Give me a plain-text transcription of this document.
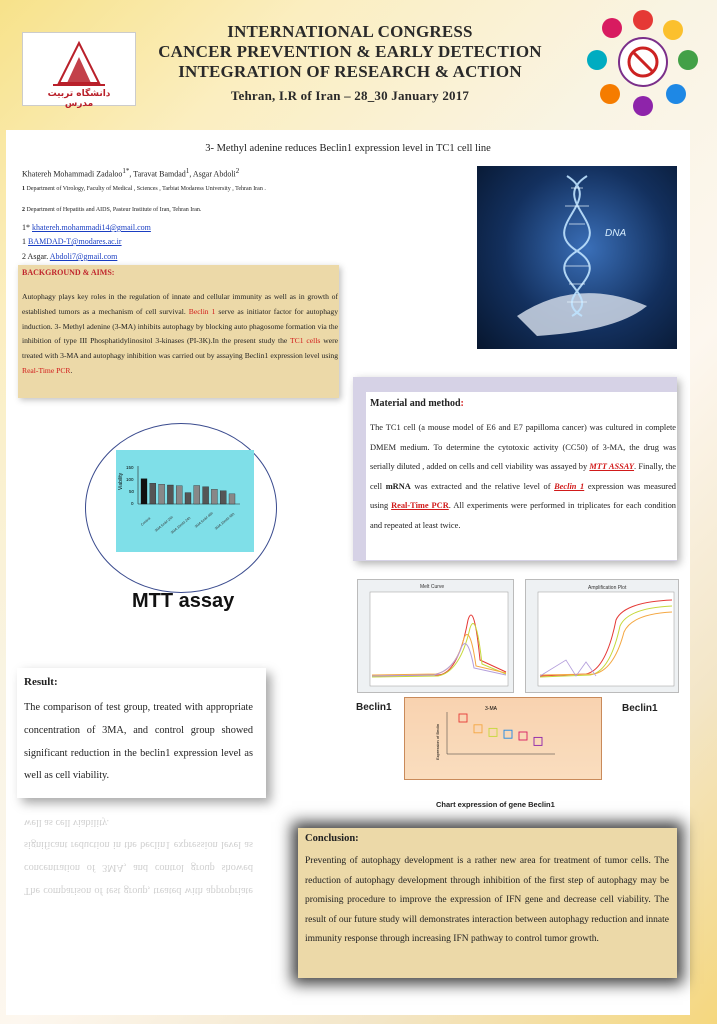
دانشگاه تربیت مدرس
INTERNATIONAL CONGRESS
CANCER PREVENTION & EARLY DETECTION
INTEGRATION OF RESEARCH & ACTION
Tehran, I.R of Iran – 28_30 January 2017
3- Methyl adenine reduces Beclin1 expression level in TC1 cell line
Khatereh Mohammadi Zadaloo$^{1*}$, Taravat Bamdad$^1$, Asgar Abdoli$^2$
1 Department of Virology, Faculty of Medical , Sciences , Tarbiat Modaress University , Tehran Iran .
2 Department of Hepatitis and AIDS, Pasteur Institute of Iran, Tehran Iran.
1* khatereh.mohammadi14@gmail.com
1 BAMDAD-T@modares.ac.ir
2 Asgar. Abdoli7@gmail.com
BACKGROUND & AIMS:
Autophagy plays key roles in the regulation of innate and cellular immunity as well as in growth of established tumors as a mechanism of cell survival. Beclin 1 serve as initiator factor for autophagy induction. 3- Methyl adenine (3-MA) inhibits autophagy by blocking auto phagosome formation via the inhibition of type III Phosphatidylinositol 3-kinases (PI-3K).In the present study the TC1 cells were treated with 3-MA and autophagy inhibition was carried out by assaying Beclin1 expression level using Real-Time PCR.
DNA
Material and method:
The TC1 cell (a mouse model of E6 and E7 papilloma cancer) was cultured in complete DMEM medium. To determine the cytotoxic activity (CC50) of 3-MA, the drug was serially diluted , added on cells and cell viability was assayed by MTT ASSAY. Finally, the cell mRNA was extracted and the relative level of Beclin 1 expression was measured using Real-Time PCR. All experiments were performed in triplicates for each condition and repeated at least twice.
Viability
150
100
50
0
Control 3MA 5mM 24h
3MA 10mM 24h 3MA 5mM 48h 3MA 10mM 48h
MTT assay
Melt Curve	Amplification Plot
Beclin1	Beclin1
3-MA
Expression of Beclin
Chart expression of gene Beclin1
Result:
The comparison of test group, treated with appropriate concentration of 3MA, and control group showed significant reduction in the beclin1 expression level as well as cell viability.
The comparison of test group, treated with appropriate concentration of 3MA, and control group showed significant reduction in the beclin1 expression level as well as cell viability.
Conclusion:
Preventing of autophagy development is a rather new area for treatment of tumor cells. The reduction of autophagy development through inhibition of the first step of autophagy may be promising procedure to improve the expression of IFN gene and decrease cell viability. The result of our future study will demonstrates interaction between autophagy reduction and innate immunity response through increasing IFN pathway to control tumor growth.
